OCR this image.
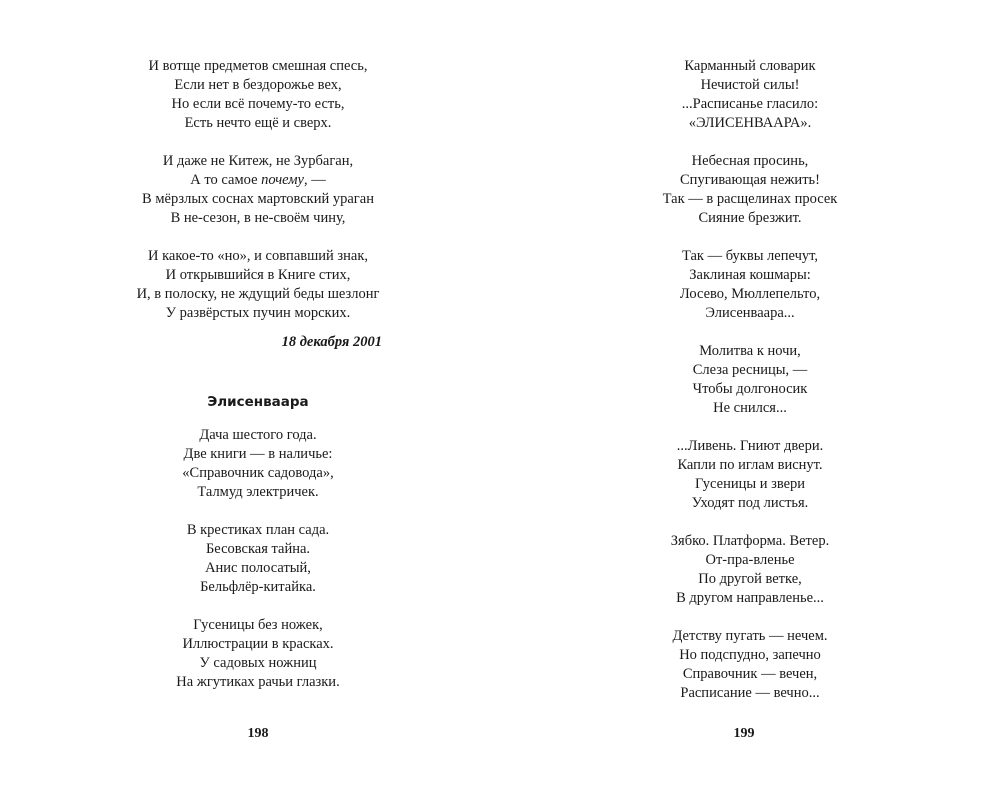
И вотще предметов смешная спесь,
Если нет в бездорожье вех,
Но если всё почему-то есть,
Есть нечто ещё и сверх.
И даже не Китеж, не Зурбаган,
А то самое почему, —
В мёрзлых соснах мартовский ураган
В не-сезон, в не-своём чину,
И какое-то «но», и совпавший знак,
И открывшийся в Книге стих,
И, в полоску, не ждущий беды шезлонг
У развёрстых пучин морских.
18 декабря 2001
Элисенваара
Дача шестого года.
Две книги — в наличье:
«Справочник садовода»,
Талмуд электричек.
В крестиках план сада.
Бесовская тайна.
Анис полосатый,
Бельфлёр-китайка.
Гусеницы без ножек,
Иллюстрации в красках.
У садовых ножниц
На жгутиках рачьи глазки.
198
Карманный словарик
Нечистой силы!
...Расписанье гласило:
«ЭЛИСЕНВААРА».
Небесная просинь,
Спугивающая нежить!
Так — в расщелинах просек
Сияние брезжит.
Так — буквы лепечут,
Заклиная кошмары:
Лосево, Мюллепельто,
Элисенваара...
Молитва к ночи,
Слеза ресницы, —
Чтобы долгоносик
Не снился...
...Ливень. Гниют двери.
Капли по иглам виснут.
Гусеницы и звери
Уходят под листья.
Зябко. Платформа. Ветер.
От-пра-вленье
По другой ветке,
В другом направленье...
Детству пугать — нечем.
Но подспудно, запечно
Справочник — вечен,
Расписание — вечно...
199
